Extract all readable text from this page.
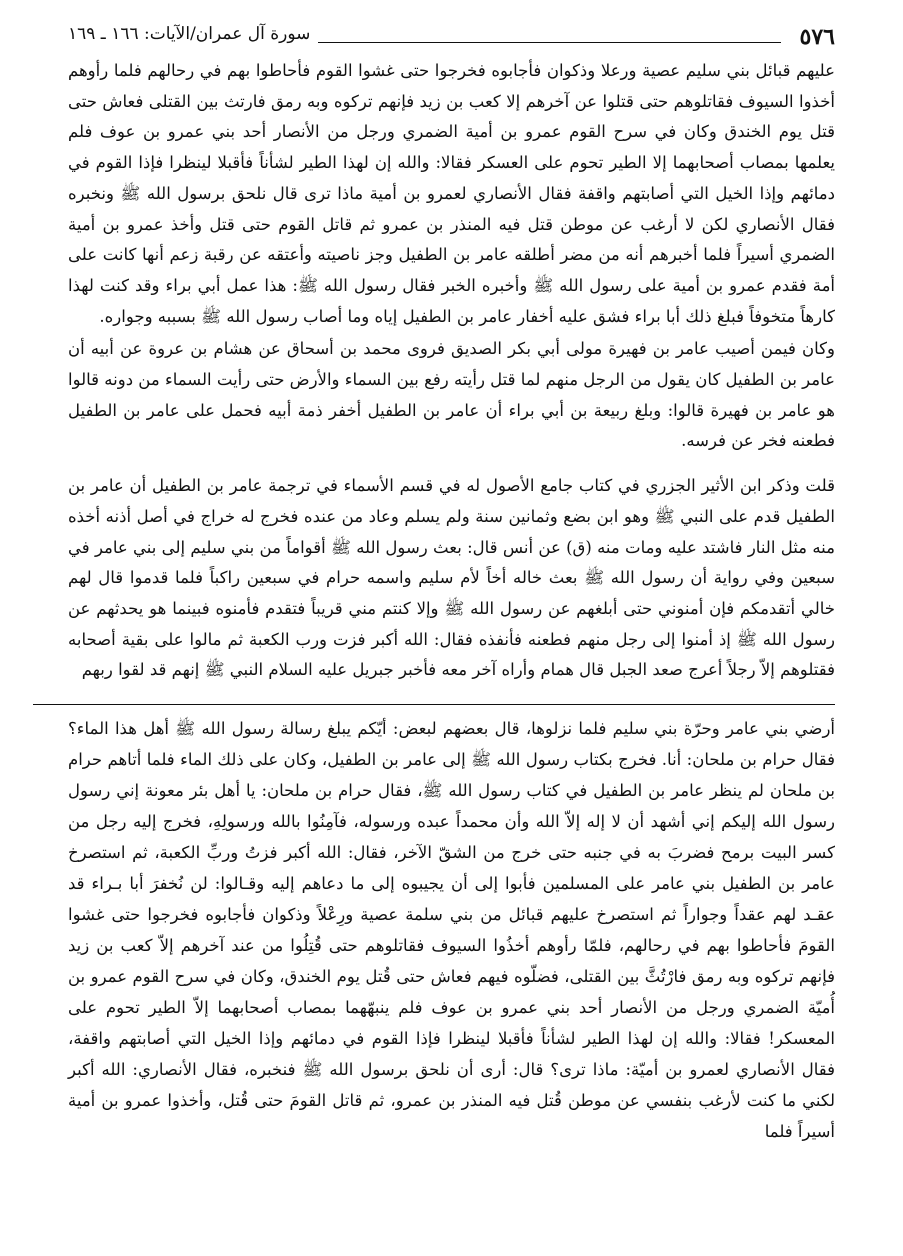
٥٧٦
سورة آل عمران/الآيات: ١٦٦ ـ ١٦٩

عليهم قبائل بني سليم عصية ورعلا وذكوان فأجابوه فخرجوا حتى غشوا القوم فأحاطوا بهم في رحالهم فلما رأوهم أخذوا السيوف فقاتلوهم حتى قتلوا عن آخرهم إلا كعب بن زيد فإنهم تركوه وبه رمق فارتث بين القتلى فعاش حتى قتل يوم الخندق وكان في سرح القوم عمرو بن أمية الضمري ورجل من الأنصار أحد بني عمرو بن عوف فلم يعلمها بمصاب أصحابهما إلا الطير تحوم على العسكر فقالا: والله إن لهذا الطير لشأناً فأقبلا لينظرا فإذا القوم في دمائهم وإذا الخيل التي أصابتهم واقفة فقال الأنصاري لعمرو بن أمية ماذا ترى قال نلحق برسول الله ﷺ ونخبره فقال الأنصاري لكن لا أرغب عن موطن قتل فيه المنذر بن عمرو ثم قاتل القوم حتى قتل وأخذ عمرو بن أمية الضمري أسيراً فلما أخبرهم أنه من مضر أطلقه عامر بن الطفيل وجز ناصيته وأعتقه عن رقبة زعم أنها كانت على أمة فقدم عمرو بن أمية على رسول الله ﷺ وأخبره الخبر فقال رسول الله ﷺ: هذا عمل أبي براء وقد كنت لهذا كارهاً متخوفاً فبلغ ذلك أبا براء فشق عليه أخفار عامر بن الطفيل إياه وما أصاب رسول الله ﷺ بسببه وجواره.

وكان فيمن أصيب عامر بن فهيرة مولى أبي بكر الصديق فروى محمد بن أسحاق عن هشام بن عروة عن أبيه أن عامر بن الطفيل كان يقول من الرجل منهم لما قتل رأيته رفع بين السماء والأرض حتى رأيت السماء من دونه قالوا هو عامر بن فهيرة قالوا: وبلغ ربيعة بن أبي براء أن عامر بن الطفيل أخفر ذمة أبيه فحمل على عامر بن الطفيل فطعنه فخر عن فرسه.

قلت وذكر ابن الأثير الجزري في كتاب جامع الأصول له في قسم الأسماء في ترجمة عامر بن الطفيل أن عامر بن الطفيل قدم على النبي ﷺ وهو ابن بضع وثمانين سنة ولم يسلم وعاد من عنده فخرج له خراج في أصل أذنه أخذه منه مثل النار فاشتد عليه ومات منه (ق) عن أنس قال: بعث رسول الله ﷺ أقواماً من بني سليم إلى بني عامر في سبعين وفي رواية أن رسول الله ﷺ بعث خاله أخاً لأم سليم واسمه حرام في سبعين راكباً فلما قدموا قال لهم خالي أتقدمكم فإن أمنوني حتى أبلغهم عن رسول الله ﷺ وإلا كنتم مني قريباً فتقدم فأمنوه فبينما هو يحدثهم عن رسول الله ﷺ إذ أمنوا إلى رجل منهم فطعنه فأنفذه فقال: الله أكبر فزت ورب الكعبة ثم مالوا على بقية أصحابه فقتلوهم إلاّ رجلاً أعرج صعد الجبل قال همام وأراه آخر معه فأخبر جبريل عليه السلام النبي ﷺ إنهم قد لقوا ربهم

أرضي بني عامر وحرّة بني سليم فلما نزلوها، قال بعضهم لبعض: أيّكم يبلغ رسالة رسول الله ﷺ أهل هذا الماء؟ فقال حرام بن ملحان: أنا. فخرج بكتاب رسول الله ﷺ إلى عامر بن الطفيل، وكان على ذلك الماء فلما أتاهم حرام بن ملحان لم ينظر عامر بن الطفيل في كتاب رسول الله ﷺ، فقال حرام بن ملحان: يا أهل بئر معونة إني رسول رسول الله إليكم إني أشهد أن لا إله إلاّ الله وأن محمداً عبده ورسوله، فآمِنُوا بالله ورسولِهِ، فخرج إليه رجل من كسر البيت برمح فضربَ به في جنبه حتى خرج من الشقّ الآخر، فقال: الله أكبر فزتُ وربِّ الكعبة، ثم استصرخ عامر بن الطفيل بني عامر على المسلمين فأبوا إلى أن يجيبوه إلى ما دعاهم إليه وقـالوا: لن نُخفرَ أبا بـراء قد عقـد لهم عقداً وجواراً ثم استصرخ عليهم قبائل من بني سلمة عصية ورِعْلاً وذكوان فأجابوه فخرجوا حتى غشوا القومَ فأحاطوا بهم في رحالهم، فلمّا رأوهم أخذُوا السيوف فقاتلوهم حتى قُتِلُوا من عند آخرهم إلاّ كعب بن زيد فإنهم تركوه وبه رمق فارْتُثَّ بين القتلى، فضلّوه فيهم فعاش حتى قُتل يوم الخندق، وكان في سرح القوم عمرو بن أُميّة الضمري ورجل من الأنصار أحد بني عمرو بن عوف فلم ينبهّهما بمصاب أصحابهما إلاّ الطير تحوم على المعسكر! فقالا: والله إن لهذا الطير لشأناً فأقبلا لينظرا فإذا القوم في دمائهم وإذا الخيل التي أصابتهم واقفة، فقال الأنصاري لعمرو بن أميّة: ماذا ترى؟ قال: أرى أن نلحق برسول الله ﷺ فنخبره، فقال الأنصاري: الله أكبر لكني ما كنت لأرغب بنفسي عن موطن قُتل فيه المنذر بن عمرو، ثم قاتل القومَ حتى قُتل، وأخذوا عمرو بن أمية أسيراً فلما
